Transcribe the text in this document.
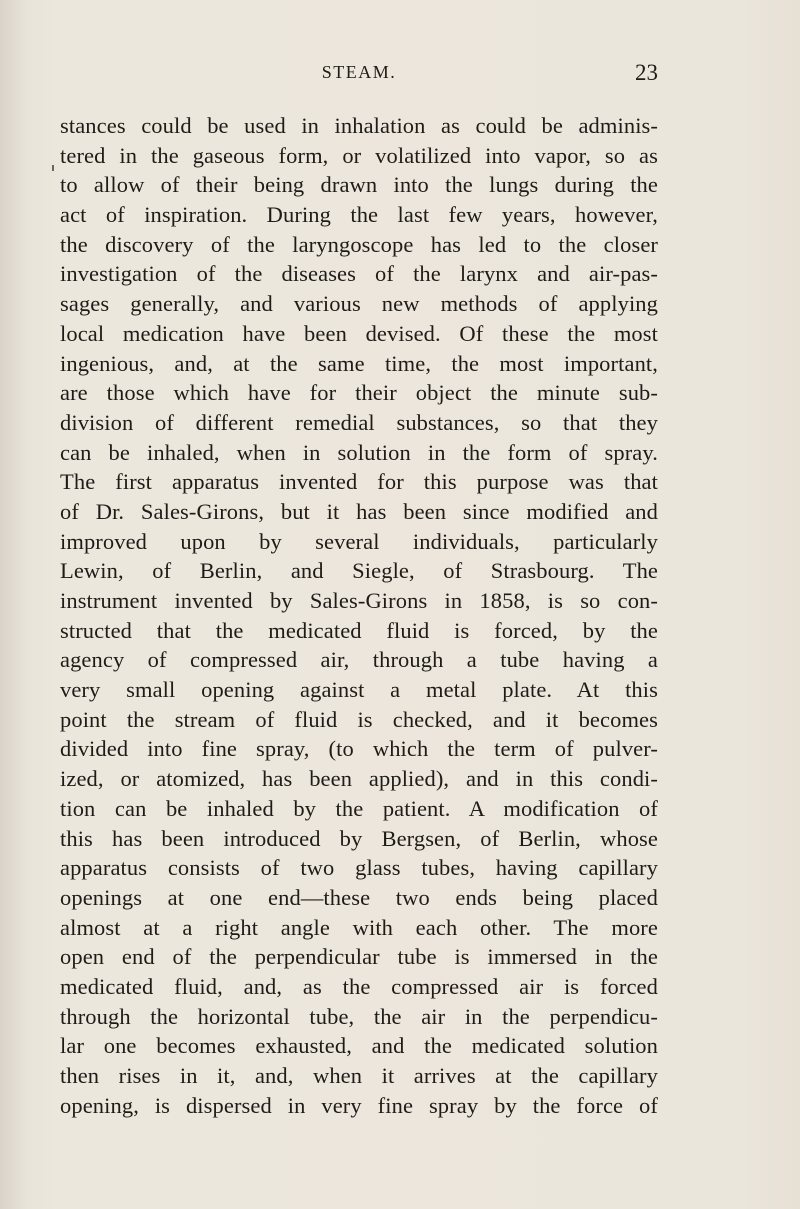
STEAM.	23
stances could be used in inhalation as could be adminis-
tered in the gaseous form, or volatilized into vapor, so as
to allow of their being drawn into the lungs during the
act of inspiration. During the last few years, however,
the discovery of the laryngoscope has led to the closer
investigation of the diseases of the larynx and air-pas-
sages generally, and various new methods of applying
local medication have been devised. Of these the most
ingenious, and, at the same time, the most important,
are those which have for their object the minute sub-
division of different remedial substances, so that they
can be inhaled, when in solution in the form of spray.
The first apparatus invented for this purpose was that
of Dr. Sales-Girons, but it has been since modified and
improved upon by several individuals, particularly
Lewin, of Berlin, and Siegle, of Strasbourg. The
instrument invented by Sales-Girons in 1858, is so con-
structed that the medicated fluid is forced, by the
agency of compressed air, through a tube having a
very small opening against a metal plate. At this
point the stream of fluid is checked, and it becomes
divided into fine spray, (to which the term of pulver-
ized, or atomized, has been applied), and in this condi-
tion can be inhaled by the patient. A modification of
this has been introduced by Bergsen, of Berlin, whose
apparatus consists of two glass tubes, having capillary
openings at one end—these two ends being placed
almost at a right angle with each other. The more
open end of the perpendicular tube is immersed in the
medicated fluid, and, as the compressed air is forced
through the horizontal tube, the air in the perpendicu-
lar one becomes exhausted, and the medicated solution
then rises in it, and, when it arrives at the capillary
opening, is dispersed in very fine spray by the force of
